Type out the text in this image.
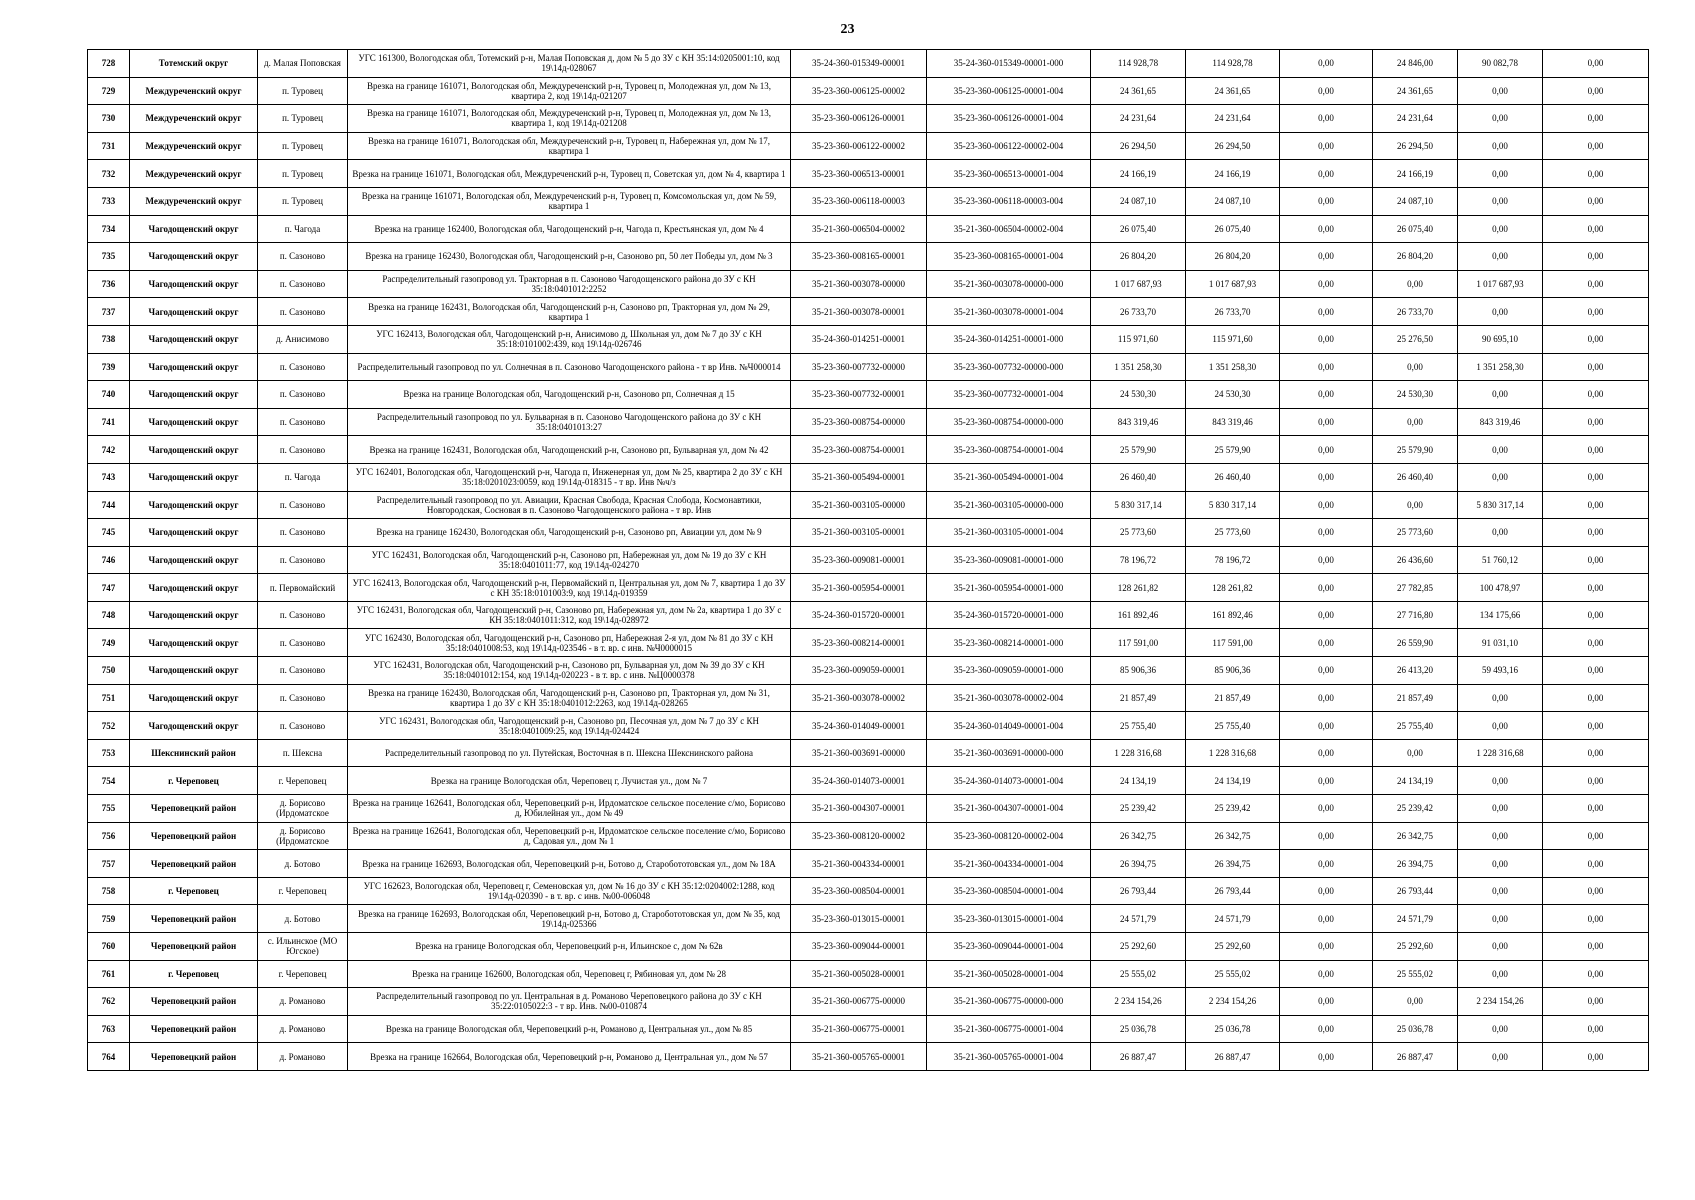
23
728	Тотемский округ	д. Малая Поповская	УГС 161300, Вологодская обл, Тотемский р-н, Малая Поповская д, дом № 5 до ЗУ с КН 35:14:0205001:10, код 19\14д-028067	35-24-360-015349-00001	35-24-360-015349-00001-000	114 928,78	114 928,78	0,00	24 846,00	90 082,78	0,00
729	Междуреченский округ	п. Туровец	Врезка на границе 161071, Вологодская обл, Междуреченский р-н, Туровец п, Молодежная ул, дом № 13, квартира 2, код 19\14д-021207	35-23-360-006125-00002	35-23-360-006125-00001-004	24 361,65	24 361,65	0,00	24 361,65	0,00	0,00
730	Междуреченский округ	п. Туровец	Врезка на границе 161071, Вологодская обл, Междуреченский р-н, Туровец п, Молодежная ул, дом № 13, квартира 1, код 19\14д-021208	35-23-360-006126-00001	35-23-360-006126-00001-004	24 231,64	24 231,64	0,00	24 231,64	0,00	0,00
731	Междуреченский округ	п. Туровец	Врезка на границе 161071, Вологодская обл, Междуреченский р-н, Туровец п, Набережная ул, дом № 17, квартира 1	35-23-360-006122-00002	35-23-360-006122-00002-004	26 294,50	26 294,50	0,00	26 294,50	0,00	0,00
732	Междуреченский округ	п. Туровец	Врезка на границе 161071, Вологодская обл, Междуреченский р-н, Туровец п, Советская ул, дом № 4, квартира 1	35-23-360-006513-00001	35-23-360-006513-00001-004	24 166,19	24 166,19	0,00	24 166,19	0,00	0,00
733	Междуреченский округ	п. Туровец	Врезка на границе 161071, Вологодская обл, Междуреченский р-н, Туровец п, Комсомольская ул, дом № 59, квартира 1	35-23-360-006118-00003	35-23-360-006118-00003-004	24 087,10	24 087,10	0,00	24 087,10	0,00	0,00
734	Чагодощенский округ	п. Чагода	Врезка на границе 162400, Вологодская обл, Чагодощенский р-н, Чагода п, Крестьянская ул, дом № 4	35-21-360-006504-00002	35-21-360-006504-00002-004	26 075,40	26 075,40	0,00	26 075,40	0,00	0,00
735	Чагодощенский округ	п. Сазоново	Врезка на границе 162430, Вологодская обл, Чагодощенский р-н, Сазоново рп, 50 лет Победы ул, дом № 3	35-23-360-008165-00001	35-23-360-008165-00001-004	26 804,20	26 804,20	0,00	26 804,20	0,00	0,00
736	Чагодощенский округ	п. Сазоново	Распределительный газопровод ул. Тракторная в п. Сазоново Чагодощенского района до ЗУ с КН 35:18:0401012:2252	35-21-360-003078-00000	35-21-360-003078-00000-000	1 017 687,93	1 017 687,93	0,00	0,00	1 017 687,93	0,00
737	Чагодощенский округ	п. Сазоново	Врезка на границе 162431, Вологодская обл, Чагодощенский р-н, Сазоново рп, Тракторная ул, дом № 29, квартира 1	35-21-360-003078-00001	35-21-360-003078-00001-004	26 733,70	26 733,70	0,00	26 733,70	0,00	0,00
738	Чагодощенский округ	д. Анисимово	УГС 162413, Вологодская обл, Чагодощенский р-н, Анисимово д, Школьная ул, дом № 7 до ЗУ с КН 35:18:0101002:439, код 19\14д-026746	35-24-360-014251-00001	35-24-360-014251-00001-000	115 971,60	115 971,60	0,00	25 276,50	90 695,10	0,00
739	Чагодощенский округ	п. Сазоново	Распределительный газопровод по ул. Солнечная в п. Сазоново Чагодощенского района - т вр Инв. №Ч000014	35-23-360-007732-00000	35-23-360-007732-00000-000	1 351 258,30	1 351 258,30	0,00	0,00	1 351 258,30	0,00
740	Чагодощенский округ	п. Сазоново	Врезка на границе Вологодская обл, Чагодощенский р-н, Сазоново рп, Солнечная д 15	35-23-360-007732-00001	35-23-360-007732-00001-004	24 530,30	24 530,30	0,00	24 530,30	0,00	0,00
741	Чагодощенский округ	п. Сазоново	Распределительный газопровод по ул. Бульварная в п. Сазоново Чагодощенского района до ЗУ с КН 35:18:0401013:27	35-23-360-008754-00000	35-23-360-008754-00000-000	843 319,46	843 319,46	0,00	0,00	843 319,46	0,00
742	Чагодощенский округ	п. Сазоново	Врезка на границе 162431, Вологодская обл, Чагодощенский р-н, Сазоново рп, Бульварная ул, дом № 42	35-23-360-008754-00001	35-23-360-008754-00001-004	25 579,90	25 579,90	0,00	25 579,90	0,00	0,00
743	Чагодощенский округ	п. Чагода	УГС 162401, Вологодская обл, Чагодощенский р-н, Чагода п, Инженерная ул, дом № 25, квартира 2 до ЗУ с КН 35:18:0201023:0059, код 19\14д-018315 - т вр. Инв №ч/з	35-21-360-005494-00001	35-21-360-005494-00001-004	26 460,40	26 460,40	0,00	26 460,40	0,00	0,00
744	Чагодощенский округ	п. Сазоново	Распределительный газопровод по ул. Авиации, Красная Свобода, Красная Слобода, Космонавтики, Новгородская, Сосновая в п. Сазоново Чагодощенского района - т вр. Инв	35-21-360-003105-00000	35-21-360-003105-00000-000	5 830 317,14	5 830 317,14	0,00	0,00	5 830 317,14	0,00
745	Чагодощенский округ	п. Сазоново	Врезка на границе 162430, Вологодская обл, Чагодощенский р-н, Сазоново рп, Авиации ул, дом № 9	35-21-360-003105-00001	35-21-360-003105-00001-004	25 773,60	25 773,60	0,00	25 773,60	0,00	0,00
746	Чагодощенский округ	п. Сазоново	УГС 162431, Вологодская обл, Чагодощенский р-н, Сазоново рп, Набережная ул, дом № 19 до ЗУ с КН 35:18:0401011:77, код 19\14д-024270	35-23-360-009081-00001	35-23-360-009081-00001-000	78 196,72	78 196,72	0,00	26 436,60	51 760,12	0,00
747	Чагодощенский округ	п. Первомайский	УГС 162413, Вологодская обл, Чагодощенский р-н, Первомайский п, Центральная ул, дом № 7, квартира 1 до ЗУ с КН 35:18:0101003:9, код 19\14д-019359	35-21-360-005954-00001	35-21-360-005954-00001-000	128 261,82	128 261,82	0,00	27 782,85	100 478,97	0,00
748	Чагодощенский округ	п. Сазоново	УГС 162431, Вологодская обл, Чагодощенский р-н, Сазоново рп, Набережная ул, дом № 2а, квартира 1 до ЗУ с КН 35:18:0401011:312, код 19\14д-028972	35-24-360-015720-00001	35-24-360-015720-00001-000	161 892,46	161 892,46	0,00	27 716,80	134 175,66	0,00
749	Чагодощенский округ	п. Сазоново	УГС 162430, Вологодская обл, Чагодощенский р-н, Сазоново рп, Набережная 2-я ул, дом № 81 до ЗУ с КН 35:18:0401008:53, код 19\14д-023546 - в т. вр. с инв. №Ч0000015	35-23-360-008214-00001	35-23-360-008214-00001-000	117 591,00	117 591,00	0,00	26 559,90	91 031,10	0,00
750	Чагодощенский округ	п. Сазоново	УГС 162431, Вологодская обл, Чагодощенский р-н, Сазоново рп, Бульварная ул, дом № 39 до ЗУ с КН 35:18:0401012:154, код 19\14д-020223 - в т. вр. с инв. №Ц0000378	35-23-360-009059-00001	35-23-360-009059-00001-000	85 906,36	85 906,36	0,00	26 413,20	59 493,16	0,00
751	Чагодощенский округ	п. Сазоново	Врезка на границе 162430, Вологодская обл, Чагодощенский р-н, Сазоново рп, Тракторная ул, дом № 31, квартира 1 до ЗУ с КН 35:18:0401012:2263, код 19\14д-028265	35-21-360-003078-00002	35-21-360-003078-00002-004	21 857,49	21 857,49	0,00	21 857,49	0,00	0,00
752	Чагодощенский округ	п. Сазоново	УГС 162431, Вологодская обл, Чагодощенский р-н, Сазоново рп, Песочная ул, дом № 7 до ЗУ с КН 35:18:0401009:25, код 19\14д-024424	35-24-360-014049-00001	35-24-360-014049-00001-004	25 755,40	25 755,40	0,00	25 755,40	0,00	0,00
753	Шекснинский район	п. Шексна	Распределительный газопровод по ул. Путейская, Восточная в п. Шексна Шекснинского района	35-21-360-003691-00000	35-21-360-003691-00000-000	1 228 316,68	1 228 316,68	0,00	0,00	1 228 316,68	0,00
754	г. Череповец	г. Череповец	Врезка на границе Вологодская обл, Череповец г, Лучистая ул., дом № 7	35-24-360-014073-00001	35-24-360-014073-00001-004	24 134,19	24 134,19	0,00	24 134,19	0,00	0,00
755	Череповецкий район	д. Борисово (Ирдоматское	Врезка на границе 162641, Вологодская обл, Череповецкий р-н, Ирдоматское сельское поселение с/мо, Борисово д, Юбилейная ул., дом № 49	35-21-360-004307-00001	35-21-360-004307-00001-004	25 239,42	25 239,42	0,00	25 239,42	0,00	0,00
756	Череповецкий район	д. Борисово (Ирдоматское	Врезка на границе 162641, Вологодская обл, Череповецкий р-н, Ирдоматское сельское поселение с/мо, Борисово д, Садовая ул., дом № 1	35-23-360-008120-00002	35-23-360-008120-00002-004	26 342,75	26 342,75	0,00	26 342,75	0,00	0,00
757	Череповецкий район	д. Ботово	Врезка на границе 162693, Вологодская обл, Череповецкий р-н, Ботово д, Старобототовская ул., дом № 18А	35-21-360-004334-00001	35-21-360-004334-00001-004	26 394,75	26 394,75	0,00	26 394,75	0,00	0,00
758	г. Череповец	г. Череповец	УГС 162623, Вологодская обл, Череповец г, Семеновская ул, дом № 16 до ЗУ с КН 35:12:0204002:1288, код 19\14д-020390 - в т. вр. с инв. №00-006048	35-23-360-008504-00001	35-23-360-008504-00001-004	26 793,44	26 793,44	0,00	26 793,44	0,00	0,00
759	Череповецкий район	д. Ботово	Врезка на границе 162693, Вологодская обл, Череповецкий р-н, Ботово д, Старобототовская ул, дом № 35, код 19\14д-025366	35-23-360-013015-00001	35-23-360-013015-00001-004	24 571,79	24 571,79	0,00	24 571,79	0,00	0,00
760	Череповецкий район	с. Ильинское (МО Югское)	Врезка на границе Вологодская обл, Череповецкий р-н, Ильинское с, дом № 62в	35-23-360-009044-00001	35-23-360-009044-00001-004	25 292,60	25 292,60	0,00	25 292,60	0,00	0,00
761	г. Череповец	г. Череповец	Врезка на границе 162600, Вологодская обл, Череповец г, Рябиновая ул, дом № 28	35-21-360-005028-00001	35-21-360-005028-00001-004	25 555,02	25 555,02	0,00	25 555,02	0,00	0,00
762	Череповецкий район	д. Романово	Распределительный газопровод по ул. Центральная в д. Романово Череповецкого района до ЗУ с КН 35:22:0105022:3 - т вр. Инв. №00-010874	35-21-360-006775-00000	35-21-360-006775-00000-000	2 234 154,26	2 234 154,26	0,00	0,00	2 234 154,26	0,00
763	Череповецкий район	д. Романово	Врезка на границе Вологодская обл, Череповецкий р-н, Романово д, Центральная ул., дом № 85	35-21-360-006775-00001	35-21-360-006775-00001-004	25 036,78	25 036,78	0,00	25 036,78	0,00	0,00
764	Череповецкий район	д. Романово	Врезка на границе 162664, Вологодская обл, Череповецкий р-н, Романово д, Центральная ул., дом № 57	35-21-360-005765-00001	35-21-360-005765-00001-004	26 887,47	26 887,47	0,00	26 887,47	0,00	0,00
